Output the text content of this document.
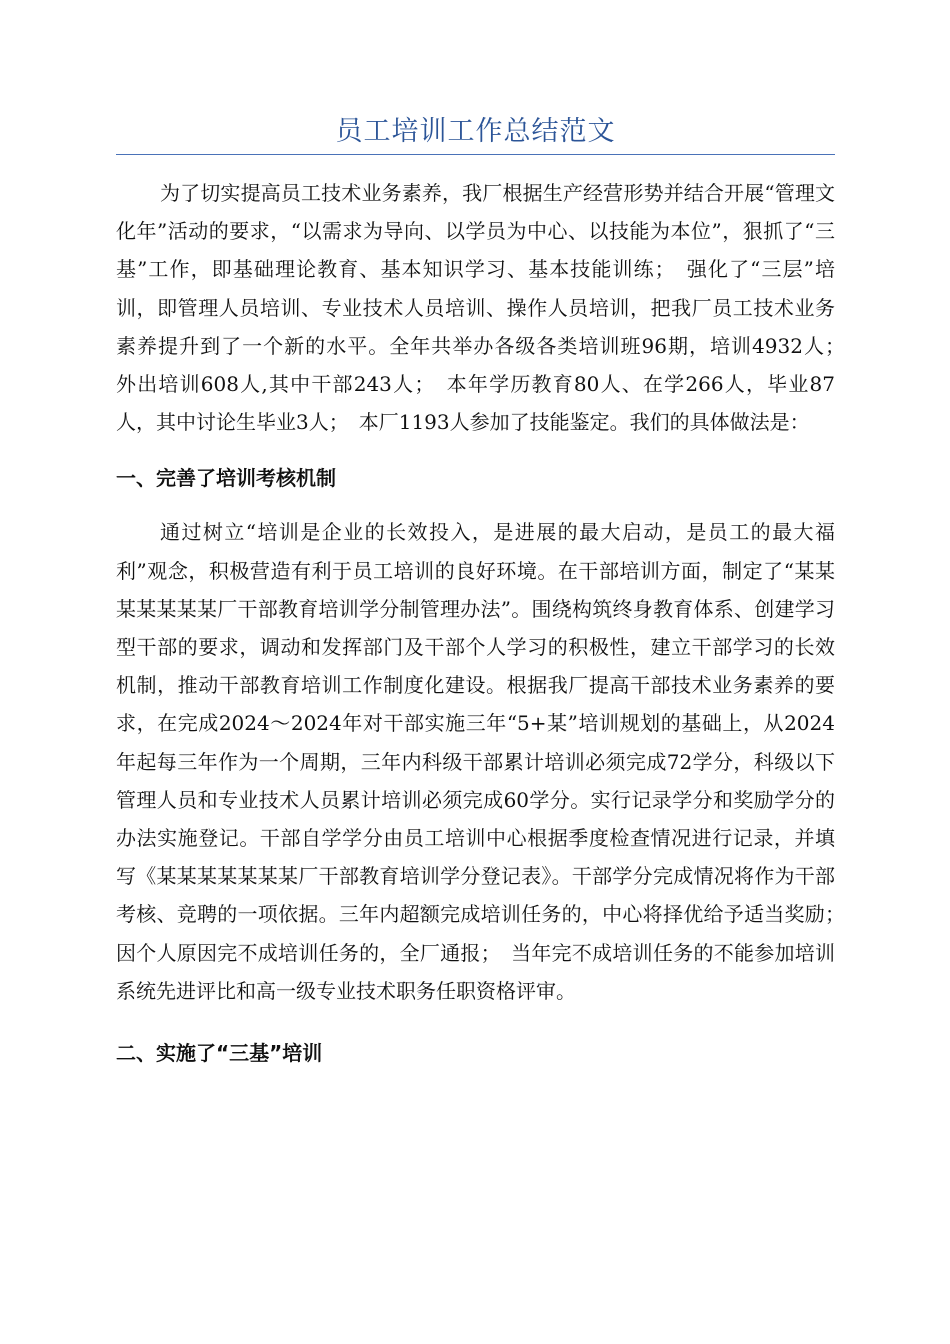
员工培训工作总结范文

为了切实提高员工技术业务素养，我厂根据生产经营形势并结合开展“管理文化年”活动的要求，“以需求为导向、以学员为中心、以技能为本位”，狠抓了“三基”工作，即基础理论教育、基本知识学习、基本技能训练；　强化了“三层”培训，即管理人员培训、专业技术人员培训、操作人员培训，把我厂员工技术业务素养提升到了一个新的水平。全年共举办各级各类培训班96期，培训4932人；　外出培训608人,其中干部243人；　本年学历教育80人、在学266人，毕业87人，其中讨论生毕业3人；　本厂1193人参加了技能鉴定。我们的具体做法是：

一、完善了培训考核机制

通过树立“培训是企业的长效投入，是进展的最大启动，是员工的最大福利”观念，积极营造有利于员工培训的良好环境。在干部培训方面，制定了“某某某某某某某厂干部教育培训学分制管理办法”。围绕构筑终身教育体系、创建学习型干部的要求，调动和发挥部门及干部个人学习的积极性，建立干部学习的长效机制，推动干部教育培训工作制度化建设。根据我厂提高干部技术业务素养的要求，在完成2024～2024年对干部实施三年“5+某”培训规划的基础上，从2024年起每三年作为一个周期，三年内科级干部累计培训必须完成72学分，科级以下管理人员和专业技术人员累计培训必须完成60学分。实行记录学分和奖励学分的办法实施登记。干部自学学分由员工培训中心根据季度检查情况进行记录，并填写《某某某某某某某厂干部教育培训学分登记表》。干部学分完成情况将作为干部考核、竞聘的一项依据。三年内超额完成培训任务的，中心将择优给予适当奖励；　因个人原因完不成培训任务的，全厂通报；　当年完不成培训任务的不能参加培训系统先进评比和高一级专业技术职务任职资格评审。

二、实施了“三基”培训
